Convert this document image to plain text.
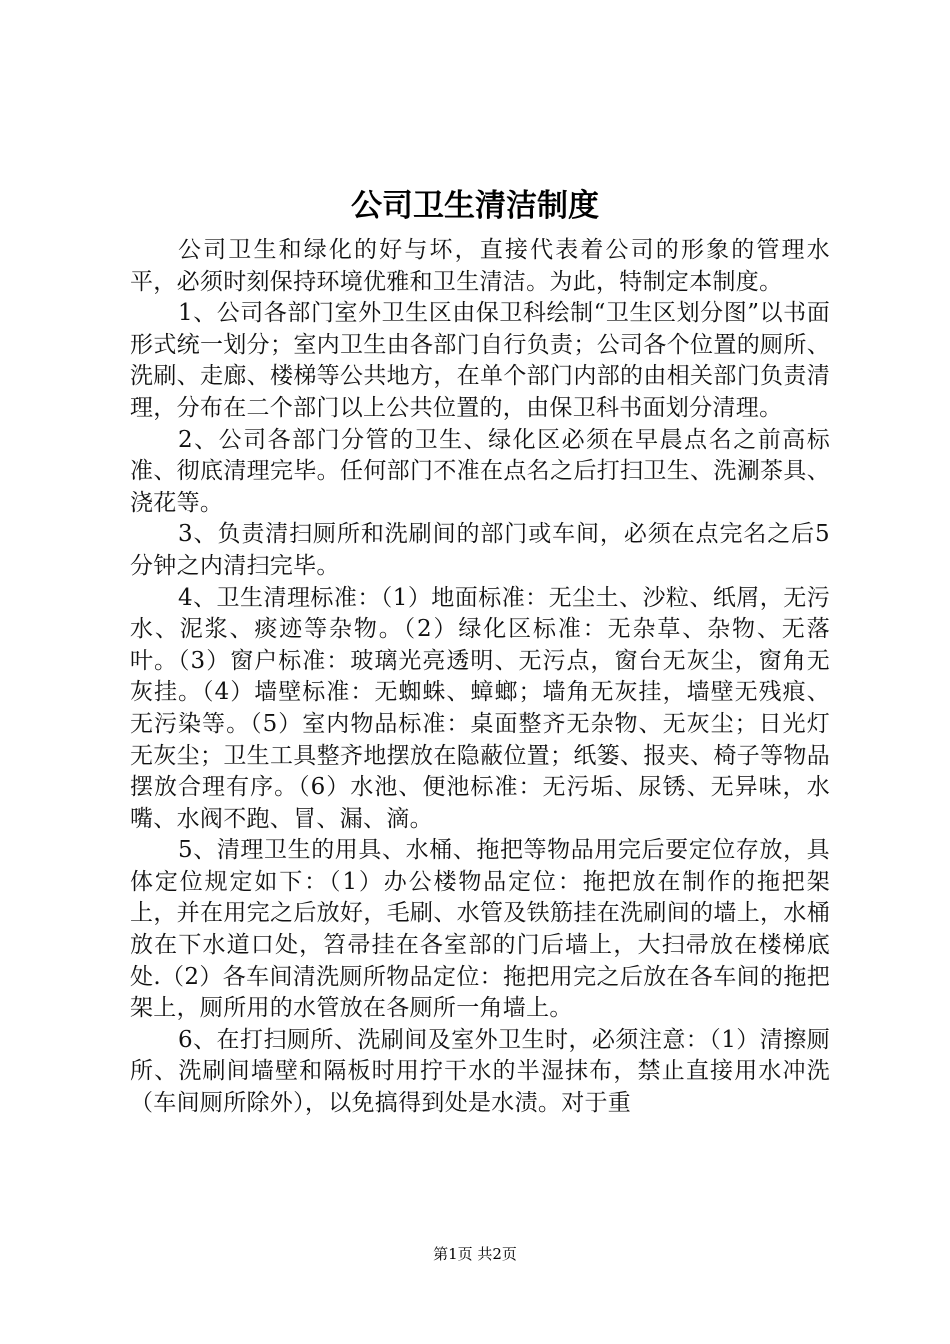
公司卫生清洁制度

公司卫生和绿化的好与坏，直接代表着公司的形象的管理水平，必须时刻保持环境优雅和卫生清洁。为此，特制定本制度。

1、公司各部门室外卫生区由保卫科绘制“卫生区划分图”以书面形式统一划分；室内卫生由各部门自行负责；公司各个位置的厕所、洗刷、走廊、楼梯等公共地方，在单个部门内部的由相关部门负责清理，分布在二个部门以上公共位置的，由保卫科书面划分清理。

2、公司各部门分管的卫生、绿化区必须在早晨点名之前高标准、彻底清理完毕。任何部门不准在点名之后打扫卫生、洗涮茶具、浇花等。

3、负责清扫厕所和洗刷间的部门或车间，必须在点完名之后5分钟之内清扫完毕。

4、卫生清理标准：（1）地面标准：无尘土、沙粒、纸屑，无污水、泥浆、痰迹等杂物。（2）绿化区标准：无杂草、杂物、无落叶。（3）窗户标准：玻璃光亮透明、无污点，窗台无灰尘，窗角无灰挂。（4）墙壁标准：无蜘蛛、蟑螂；墙角无灰挂，墙壁无残痕、无污染等。（5）室内物品标准：桌面整齐无杂物、无灰尘；日光灯无灰尘；卫生工具整齐地摆放在隐蔽位置；纸篓、报夹、椅子等物品摆放合理有序。（6）水池、便池标准：无污垢、尿锈、无异味，水嘴、水阀不跑、冒、漏、滴。

5、清理卫生的用具、水桶、拖把等物品用完后要定位存放，具体定位规定如下：（1）办公楼物品定位：拖把放在制作的拖把架上，并在用完之后放好，毛刷、水管及铁筋挂在洗刷间的墙上，水桶放在下水道口处，笤帚挂在各室部的门后墙上，大扫帚放在楼梯底处.（2）各车间清洗厕所物品定位：拖把用完之后放在各车间的拖把架上，厕所用的水管放在各厕所一角墙上。

6、在打扫厕所、洗刷间及室外卫生时，必须注意：（1）清擦厕所、洗刷间墙壁和隔板时用拧干水的半湿抹布，禁止直接用水冲洗（车间厕所除外），以免搞得到处是水渍。对于重

第1页 共2页
